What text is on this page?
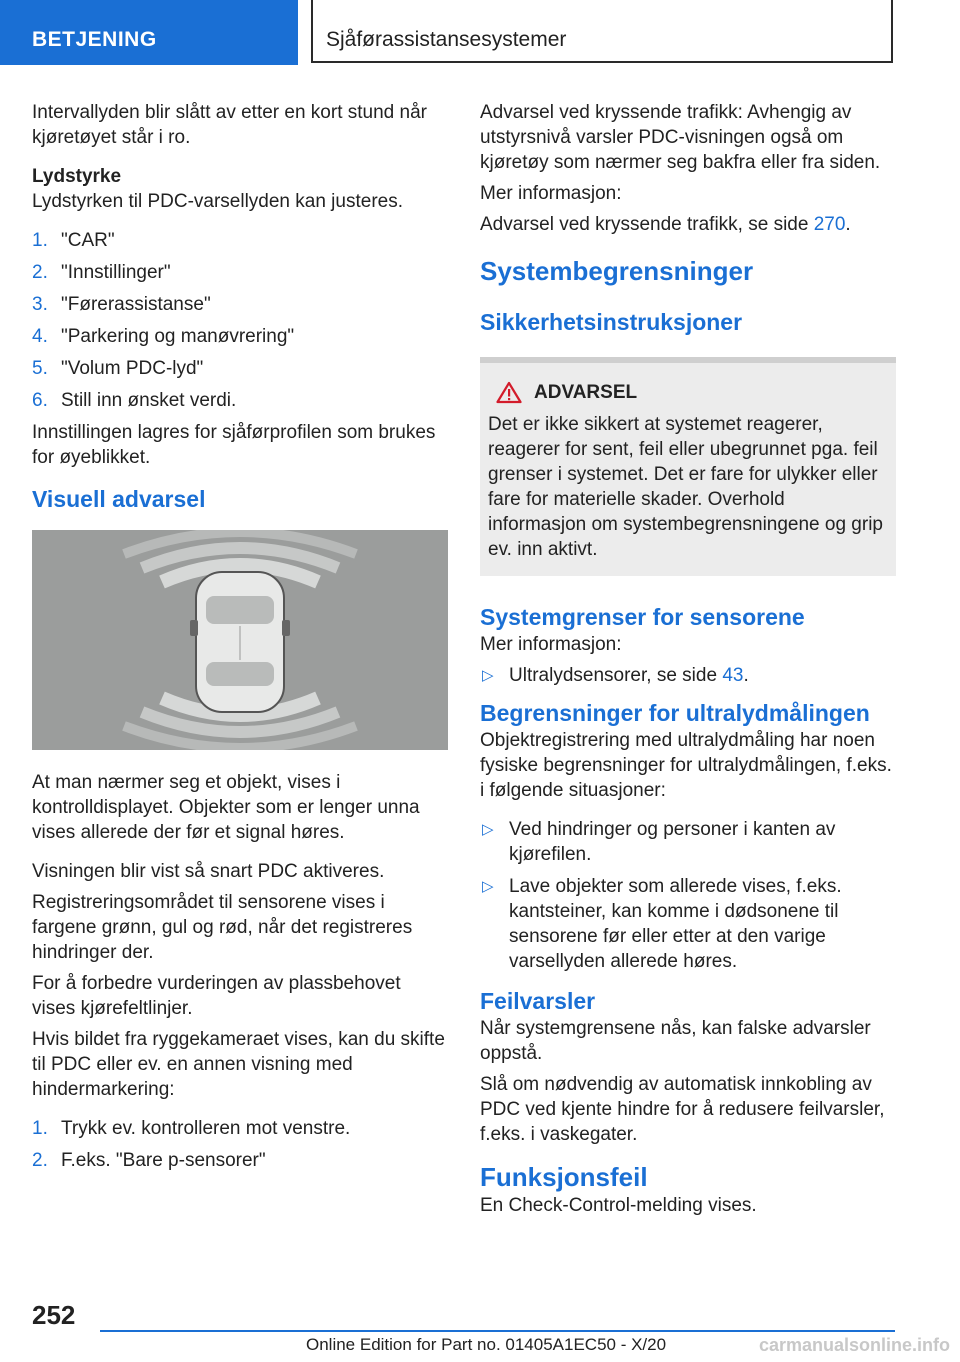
BETJENING	Sjåførassistansesystemer

Intervallyden blir slått av etter en kort stund når kjøretøyet står i ro.

Lydstyrke

Lydstyrken til PDC-varsellyden kan justeres.

1. "CAR"
2. "Innstillinger"
3. "Førerassistanse"
4. "Parkering og manøvrering"
5. "Volum PDC-lyd"
6. Still inn ønsket verdi.

Innstillingen lagres for sjåførprofilen som brukes for øyeblikket.

Visuell advarsel

At man nærmer seg et objekt, vises i kontrolldisplayet. Objekter som er lenger unna vises allerede der før et signal høres.

Visningen blir vist så snart PDC aktiveres.

Registreringsområdet til sensorene vises i fargene grønn, gul og rød, når det registreres hindringer der.

For å forbedre vurderingen av plassbehovet vises kjørefeltlinjer.

Hvis bildet fra ryggekameraet vises, kan du skifte til PDC eller ev. en annen visning med hindermarkering:

1. Trykk ev. kontrolleren mot venstre.
2. F.eks. "Bare p-sensorer"

Advarsel ved kryssende trafikk: Avhengig av utstyrsnivå varsler PDC-visningen også om kjøretøy som nærmer seg bakfra eller fra siden.

Mer informasjon:

Advarsel ved kryssende trafikk, se side 270.

Systembegrensninger

Sikkerhetsinstruksjoner

ADVARSEL

Det er ikke sikkert at systemet reagerer, reagerer for sent, feil eller ubegrunnet pga. feil grenser i systemet. Det er fare for ulykker eller fare for materielle skader. Overhold informasjon om systembegrensningene og grip ev. inn aktivt.

Systemgrenser for sensorene

Mer informasjon:

▷ Ultralydsensorer, se side 43.

Begrensninger for ultralydmålingen

Objektregistrering med ultralydmåling har noen fysiske begrensninger for ultralydmålingen, f.eks. i følgende situasjoner:

▷ Ved hindringer og personer i kanten av kjørefilen.
▷ Lave objekter som allerede vises, f.eks. kantsteiner, kan komme i dødsonene til sensorene før eller etter at den varige varsellyden allerede høres.

Feilvarsler

Når systemgrensene nås, kan falske advarsler oppstå.

Slå om nødvendig av automatisk innkobling av PDC ved kjente hindre for å redusere feilvarsler, f.eks. i vaskegater.

Funksjonsfeil

En Check-Control-melding vises.

252
Online Edition for Part no. 01405A1EC50 - X/20	carmanualsonline.info
